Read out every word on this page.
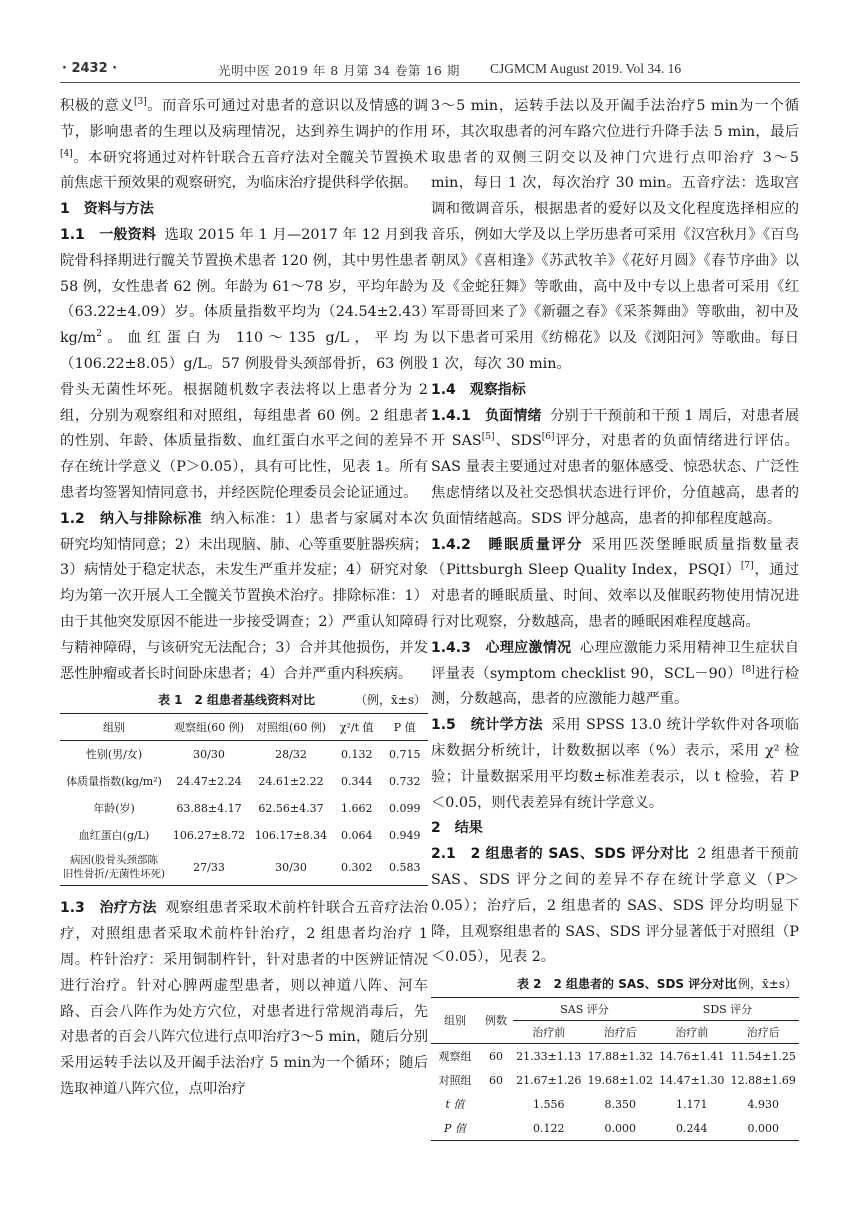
· 2432 ·	光明中医 2019 年 8 月第 34 卷第 16 期 CJGMCM August 2019. Vol 34. 16

积极的意义[3]。而音乐可通过对患者的意识以及情感的调节，影响患者的生理以及病理情况，达到养生调护的作用[4]。本研究将通过对杵针联合五音疗法对全髋关节置换术前焦虑干预效果的观察研究，为临床治疗提供科学依据。

1　资料与方法

1.1　一般资料 选取 2015 年 1 月—2017 年 12 月到我院骨科择期进行髋关节置换术患者 120 例，其中男性患者 58 例，女性患者 62 例。年龄为 61～78 岁，平均年龄为（63.22±4.09）岁。体质量指数平均为$(24.54\pm 2.43)kg/m^2$。血红蛋白为 110～135 g/L，平均为（106.22±8.05）g/L。57 例股骨头颈部骨折，63 例股骨头无菌性坏死。根据随机数字表法将以上患者分为 2 组，分别为观察组和对照组，每组患者 60 例。2 组患者的性别、年龄、体质量指数、血红蛋白水平之间的差异不存在统计学意义（P＞0.05），具有可比性，见表 1。所有患者均签署知情同意书，并经医院伦理委员会论证通过。

1.2　纳入与排除标准 纳入标准：1）患者与家属对本次研究均知情同意；2）未出现脑、肺、心等重要脏器疾病；3）病情处于稳定状态，未发生严重并发症；4）研究对象均为第一次开展人工全髋关节置换术治疗。排除标准：1）由于其他突发原因不能进一步接受调查；2）严重认知障碍与精神障碍，与该研究无法配合；3）合并其他损伤，并发恶性肿瘤或者长时间卧床患者；4）合并严重内科疾病。

表 1　2 组患者基线资料对比	（例，x̄±s）
组别	观察组(60 例)	对照组(60 例)	χ²/t 值	P 值
性别(男/女)	30/30	28/32	0.132	0.715
体质量指数(kg/m²)	24.47±2.24	24.61±2.22	0.344	0.732
年龄(岁)	63.88±4.17	62.56±4.37	1.662	0.099
血红蛋白(g/L)	106.27±8.72	106.17±8.34	0.064	0.949
病因(股骨头颈部陈
旧性骨折/无菌性坏死)	27/33	30/30	0.302	0.583

1.3　治疗方法 观察组患者采取术前杵针联合五音疗法治疗，对照组患者采取术前杵针治疗，2 组患者均治疗 1 周。杵针治疗：采用铜制杵针，针对患者的中医辨证情况进行治疗。针对心脾两虚型患者，则以神道八阵、河车路、百会八阵作为处方穴位，对患者进行常规消毒后，先对患者的百会八阵穴位进行点叩治疗3～5 min，随后分别采用运转手法以及开阖手法治疗 5 min为一个循环；随后选取神道八阵穴位，点叩治疗

3～5 min，运转手法以及开阖手法治疗5 min为一个循环，其次取患者的河车路穴位进行升降手法 5 min，最后取患者的双侧三阴交以及神门穴进行点叩治疗 3～5 min，每日 1 次，每次治疗 30 min。五音疗法：选取宫调和徵调音乐，根据患者的爱好以及文化程度选择相应的音乐，例如大学及以上学历患者可采用《汉宫秋月》《百鸟朝凤》《喜相逢》《苏武牧羊》《花好月圆》《春节序曲》以及《金蛇狂舞》等歌曲，高中及中专以上患者可采用《红军哥哥回来了》《新疆之春》《采茶舞曲》等歌曲，初中及以下患者可采用《纺棉花》以及《浏阳河》等歌曲。每日 1 次，每次 30 min。

1.4　观察指标

1.4.1　负面情绪 分别于干预前和干预 1 周后，对患者展开 SAS[5]、SDS[6]评分，对患者的负面情绪进行评估。SAS 量表主要通过对患者的躯体感受、惊恐状态、广泛性焦虑情绪以及社交恐惧状态进行评价，分值越高，患者的负面情绪越高。SDS 评分越高，患者的抑郁程度越高。

1.4.2　睡眠质量评分 采用匹茨堡睡眠质量指数量表（Pittsburgh Sleep Quality Index，PSQI）[7]，通过对患者的睡眠质量、时间、效率以及催眠药物使用情况进行对比观察，分数越高，患者的睡眠困难程度越高。

1.4.3　心理应激情况 心理应激能力采用精神卫生症状自评量表（symptom checklist 90，SCL－90）[8]进行检测，分数越高，患者的应激能力越严重。

1.5　统计学方法 采用 SPSS 13.0 统计学软件对各项临床数据分析统计，计数数据以率（%）表示，采用 χ² 检验；计量数据采用平均数±标准差表示，以 t 检验，若 P＜0.05，则代表差异有统计学意义。

2　结果

2.1　2 组患者的 SAS、SDS 评分对比 2 组患者干预前 SAS、SDS 评分之间的差异不存在统计学意义（P＞0.05）；治疗后，2 组患者的 SAS、SDS 评分均明显下降，且观察组患者的 SAS、SDS 评分显著低于对照组（P＜0.05），见表 2。

表 2　2 组患者的 SAS、SDS 评分对比
（例，x̄±s）
组别	例数	SAS 评分		SDS 评分	
		治疗前	治疗后	治疗前	治疗后
观察组	60	21.33±1.13	17.88±1.32	14.76±1.41	11.54±1.25
对照组	60	21.67±1.26	19.68±1.02	14.47±1.30	12.88±1.69
t 值		1.556	8.350	1.171	4.930
P 值		0.122	0.000	0.244	0.000
